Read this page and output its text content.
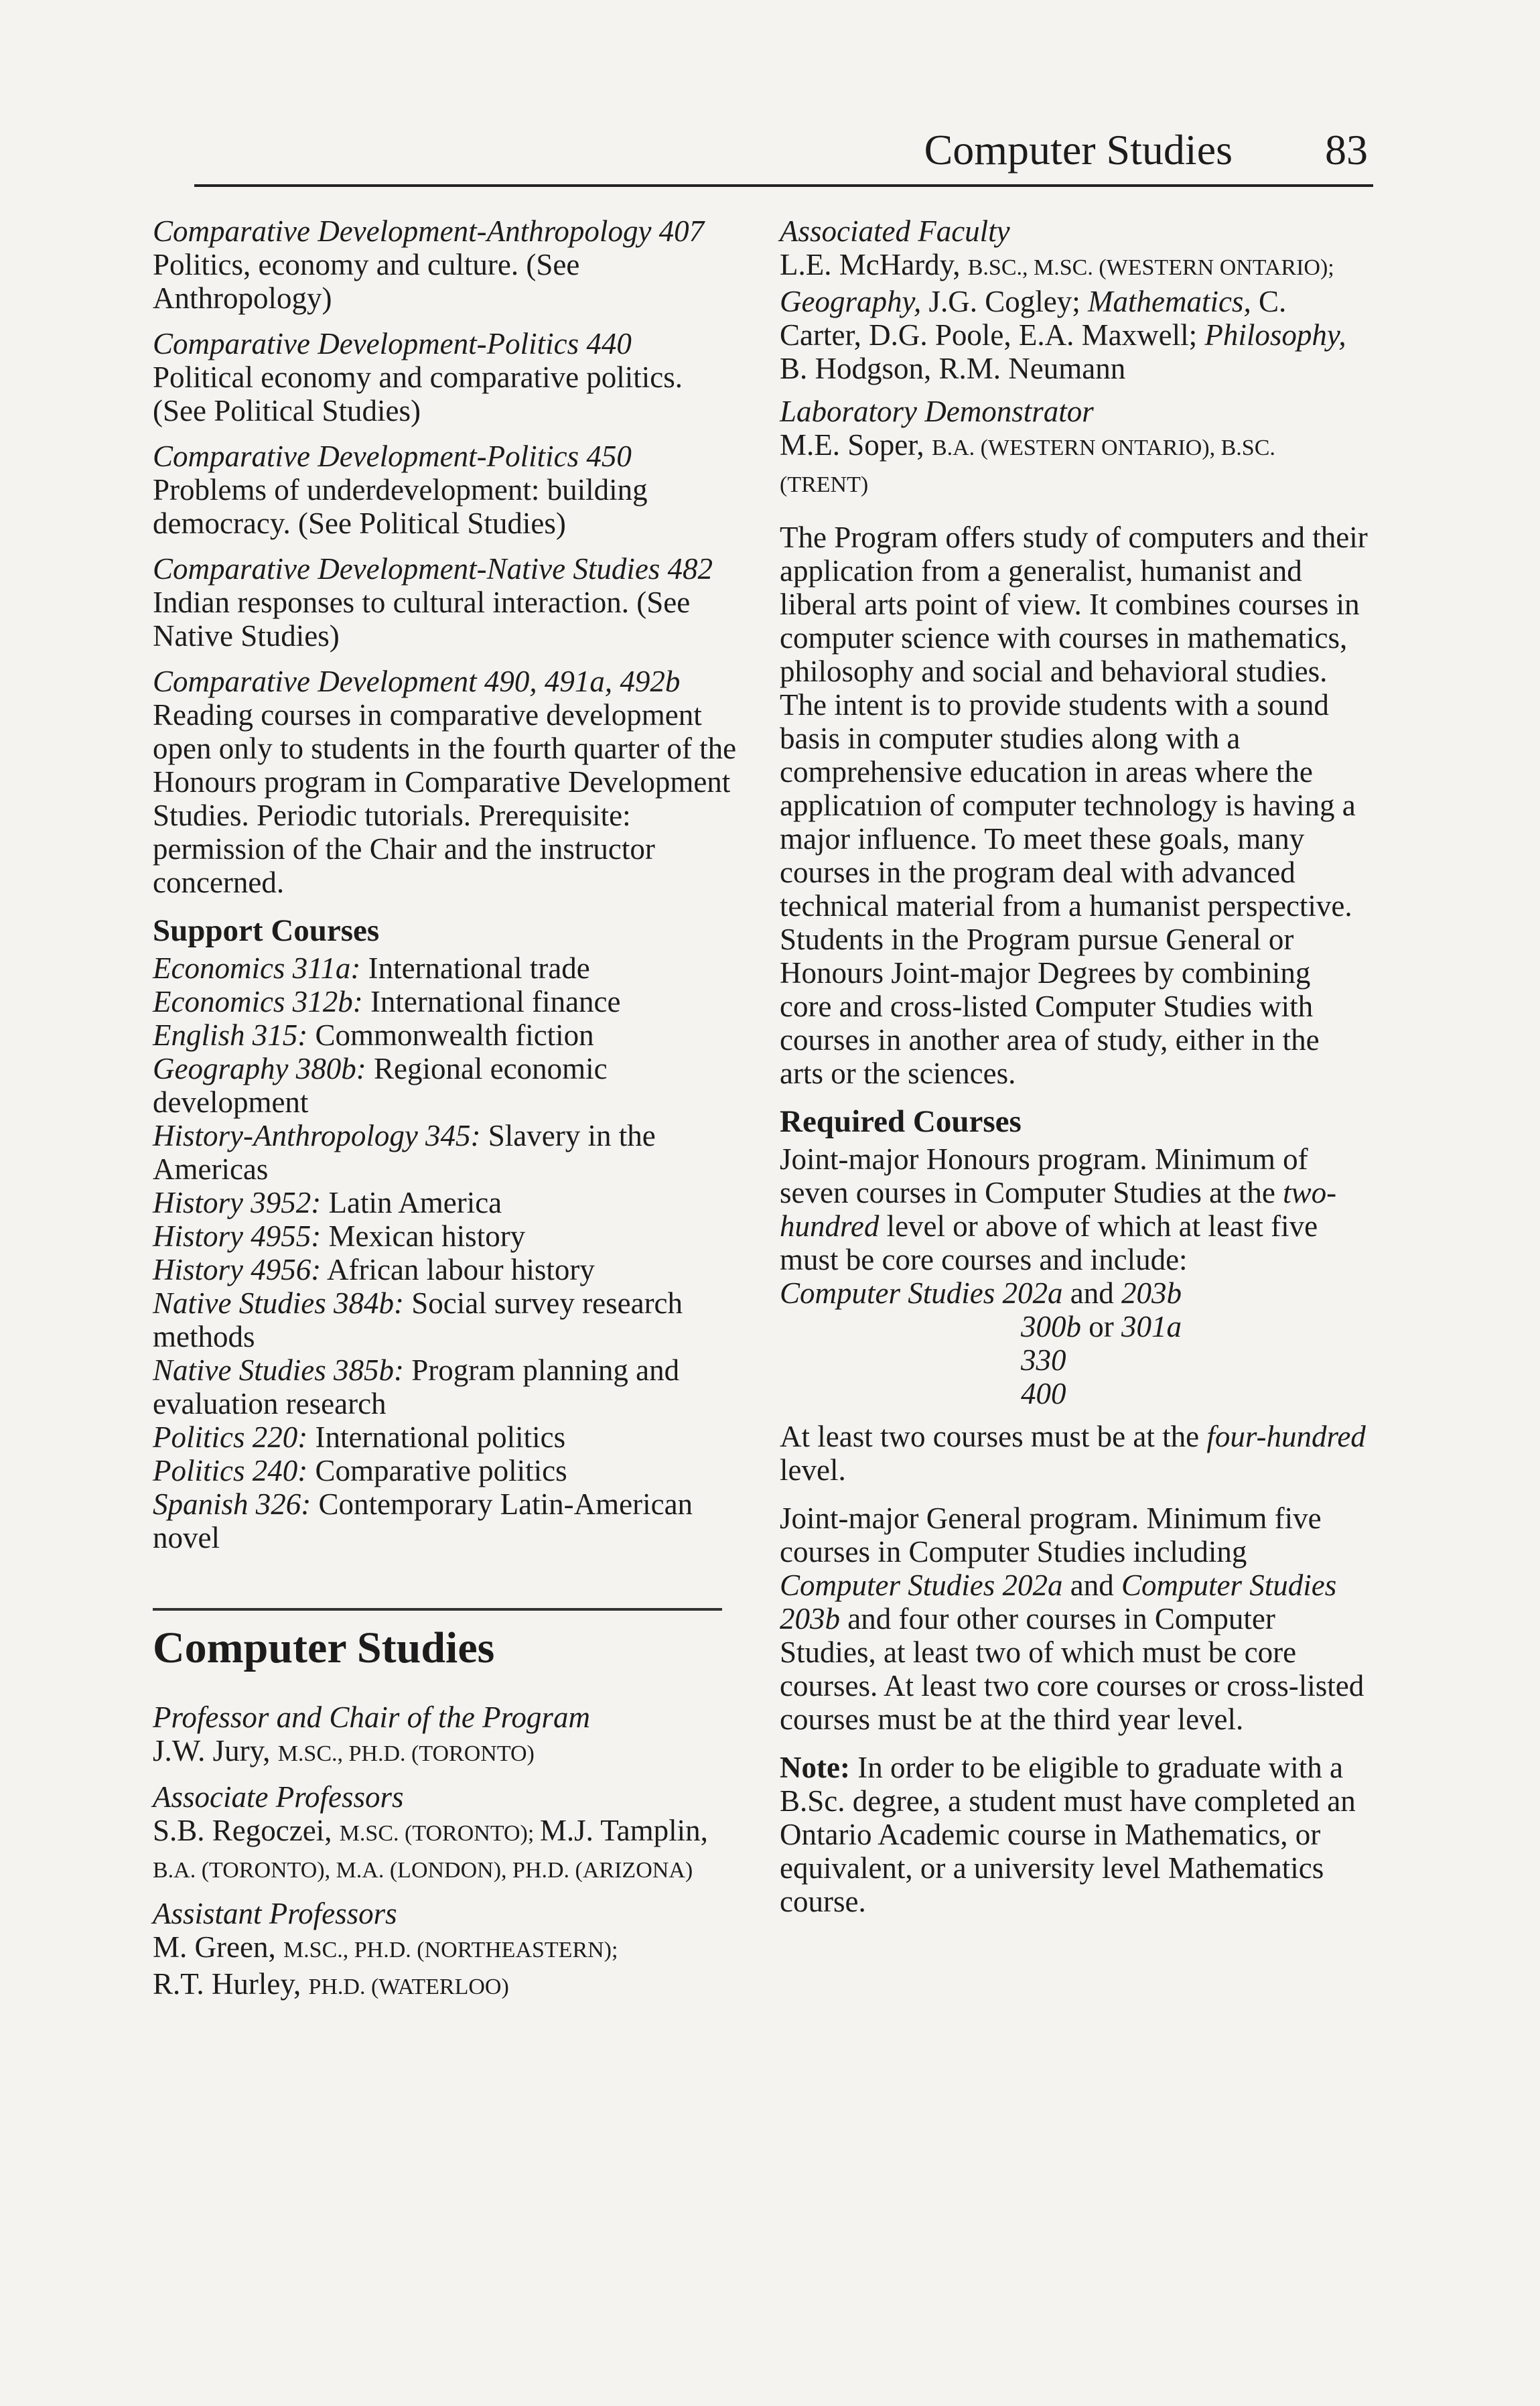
Computer Studies 83

Comparative Development-Anthropology 407

Politics, economy and culture. (See Anthropology)

Comparative Development-Politics 440

Political economy and comparative politics. (See Political Studies)

Comparative Development-Politics 450

Problems of underdevelopment: building democracy. (See Political Studies)

Comparative Development-Native Studies 482

Indian responses to cultural interaction. (See Native Studies)

Comparative Development 490, 491a, 492b

Reading courses in comparative development open only to students in the fourth quarter of the Honours program in Comparative Development Studies. Periodic tutorials. Prerequisite: permission of the Chair and the instructor concerned.

Support Courses

Economics 311a: International trade

Economics 312b: International finance

English 315: Commonwealth fiction

Geography 380b: Regional economic development

History-Anthropology 345: Slavery in the Americas

History 3952: Latin America

History 4955: Mexican history

History 4956: African labour history

Native Studies 384b: Social survey research methods

Native Studies 385b: Program planning and evaluation research

Politics 220: International politics

Politics 240: Comparative politics

Spanish 326: Contemporary Latin-American novel

Computer Studies

Professor and Chair of the Program

J.W. Jury, M.SC., PH.D. (TORONTO)

Associate Professors

S.B. Regoczei, M.SC. (TORONTO); M.J. Tamplin, B.A. (TORONTO), M.A. (LONDON), PH.D. (ARIZONA)

Assistant Professors

M. Green, M.SC., PH.D. (NORTHEASTERN);
R.T. Hurley, PH.D. (WATERLOO)

Associated Faculty

L.E. McHardy, B.SC., M.SC. (WESTERN ONTARIO); Geography, J.G. Cogley; Mathematics, C. Carter, D.G. Poole, E.A. Maxwell; Philosophy, B. Hodgson, R.M. Neumann

Laboratory Demonstrator

M.E. Soper, B.A. (WESTERN ONTARIO), B.SC. (TRENT)

The Program offers study of computers and their application from a generalist, humanist and liberal arts point of view. It combines courses in computer science with courses in mathematics, philosophy and social and behavioral studies. The intent is to provide students with a sound basis in computer studies along with a comprehensive education in areas where the applicatıion of computer technology is having a major influence. To meet these goals, many courses in the program deal with advanced technical material from a humanist perspective. Students in the Program pursue General or Honours Joint-major Degrees by combining core and cross-listed Computer Studies with courses in another area of study, either in the arts or the sciences.

Required Courses

Joint-major Honours program. Minimum of seven courses in Computer Studies at the two-hundred level or above of which at least five must be core courses and include:

Computer Studies 202a and 203b

300b or 301a

330

400

At least two courses must be at the four-hundred level.

Joint-major General program. Minimum five courses in Computer Studies including Computer Studies 202a and Computer Studies 203b and four other courses in Computer Studies, at least two of which must be core courses. At least two core courses or cross-listed courses must be at the third year level.

Note: In order to be eligible to graduate with a B.Sc. degree, a student must have completed an Ontario Academic course in Mathematics, or equivalent, or a university level Mathematics course.
